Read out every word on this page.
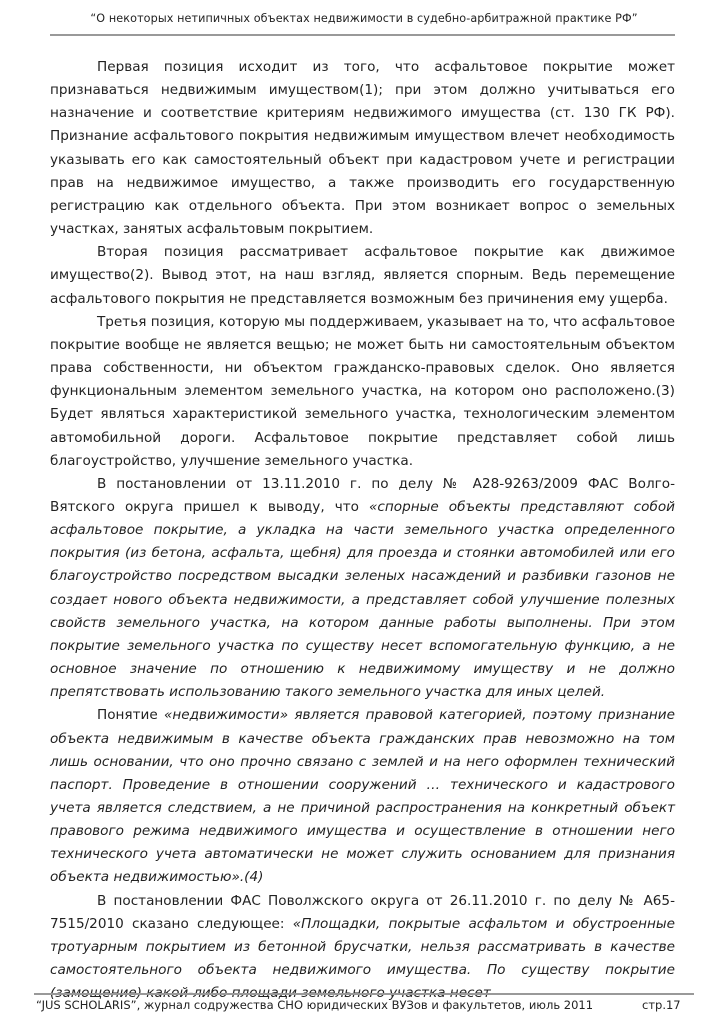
“О некоторых нетипичных объектах недвижимости в судебно-арбитражной практике РФ”

Первая позиция исходит из того, что асфальтовое покрытие может признаваться недвижимым имуществом(1); при этом должно учитываться его назначение и соответствие критериям недвижимого имущества (ст. 130 ГК РФ). Признание асфальтового покрытия недвижимым имуществом влечет необходимость указывать его как самостоятельный объект при кадастровом учете и регистрации прав на недвижимое имущество, а также производить его государственную регистрацию как отдельного объекта. При этом возникает вопрос о земельных участках, занятых асфальтовым покрытием.

Вторая позиция рассматривает асфальтовое покрытие как движимое имущество(2). Вывод этот, на наш взгляд, является спорным. Ведь перемещение асфальтового покрытия не представляется возможным без причинения ему ущерба.

Третья позиция, которую мы поддерживаем, указывает на то, что асфальтовое покрытие вообще не является вещью; не может быть ни самостоятельным объектом права собственности, ни объектом гражданско-правовых сделок. Оно является функциональным элементом земельного участка, на котором оно расположено.(3) Будет являться характеристикой земельного участка, технологическим элементом автомобильной дороги. Асфальтовое покрытие представляет собой лишь благоустройство, улучшение земельного участка.

В постановлении от 13.11.2010 г. по делу № А28-9263/2009 ФАС Волго-Вятского округа пришел к выводу, что «спорные объекты представляют собой асфальтовое покрытие, а укладка на части земельного участка определенного покрытия (из бетона, асфальта, щебня) для проезда и стоянки автомобилей или его благоустройство посредством высадки зеленых насаждений и разбивки газонов не создает нового объекта недвижимости, а представляет собой улучшение полезных свойств земельного участка, на котором данные работы выполнены. При этом покрытие земельного участка по существу несет вспомогательную функцию, а не основное значение по отношению к недвижимому имуществу и не должно препятствовать использованию такого земельного участка для иных целей.

Понятие «недвижимости» является правовой категорией, поэтому признание объекта недвижимым в качестве объекта гражданских прав невозможно на том лишь основании, что оно прочно связано с землей и на него оформлен технический паспорт. Проведение в отношении сооружений … технического и кадастрового учета является следствием, а не причиной распространения на конкретный объект правового режима недвижимого имущества и осуществление в отношении него технического учета автоматически не может служить основанием для признания объекта недвижимостью».(4)

В постановлении ФАС Поволжского округа от 26.11.2010 г. по делу № А65-7515/2010 сказано следующее: «Площадки, покрытые асфальтом и обустроенные тротуарным покрытием из бетонной брусчатки, нельзя рассматривать в качестве самостоятельного объекта недвижимого имущества. По существу покрытие (замощение) какой-либо площади земельного участка несет

“JUS SCHOLARIS”, журнал содружества СНО юридических ВУЗов и факультетов, июль 2011	стр.17
